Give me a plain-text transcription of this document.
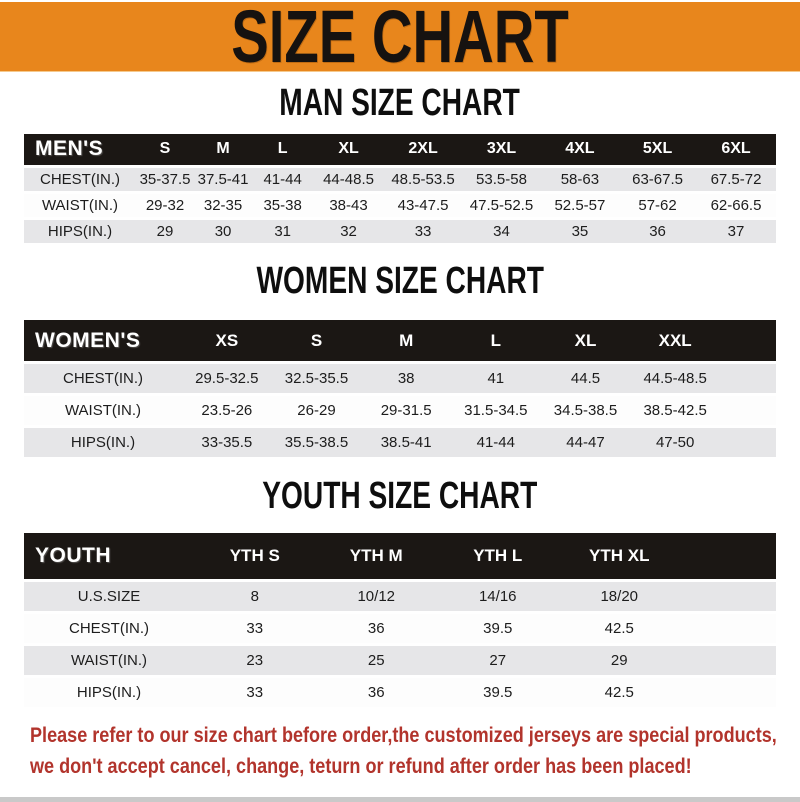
SIZE CHART
MAN SIZE CHART
MEN'S	S	M	L	XL	2XL	3XL	4XL	5XL	6XL
CHEST(IN.)	35-37.5 37.5-41 41-44	44-48.5	48.5-53.5	53.5-58	58-63	63-67.5	67.5-72
WAIST(IN.)	29-32	32-35	35-38	38-43	43-47.5	47.5-52.5	52.5-57	57-62	62-66.5
HIPS(IN.)	29	30	31	32	33	34	35	36	37
WOMEN SIZE CHART
WOMEN'S	XS	S	M	L	XL	XXL
CHEST(IN.)	29.5-32.5	32.5-35.5	38	41	44.5	44.5-48.5
WAIST(IN.)	23.5-26	26-29	29-31.5	31.5-34.5	34.5-38.5	38.5-42.5
HIPS(IN.)	33-35.5	35.5-38.5	38.5-41	41-44	44-47	47-50
YOUTH SIZE CHART
YOUTH	YTH S	YTH M	YTH L	YTH XL
U.S.SIZE	8	10/12	14/16	18/20
CHEST(IN.)	33	36	39.5	42.5
WAIST(IN.)	23	25	27	29
HIPS(IN.)	33	36	39.5	42.5
Please refer to our size chart before order,the customized jerseys are special products,
we don't accept cancel, change, teturn or refund after order has been placed!
